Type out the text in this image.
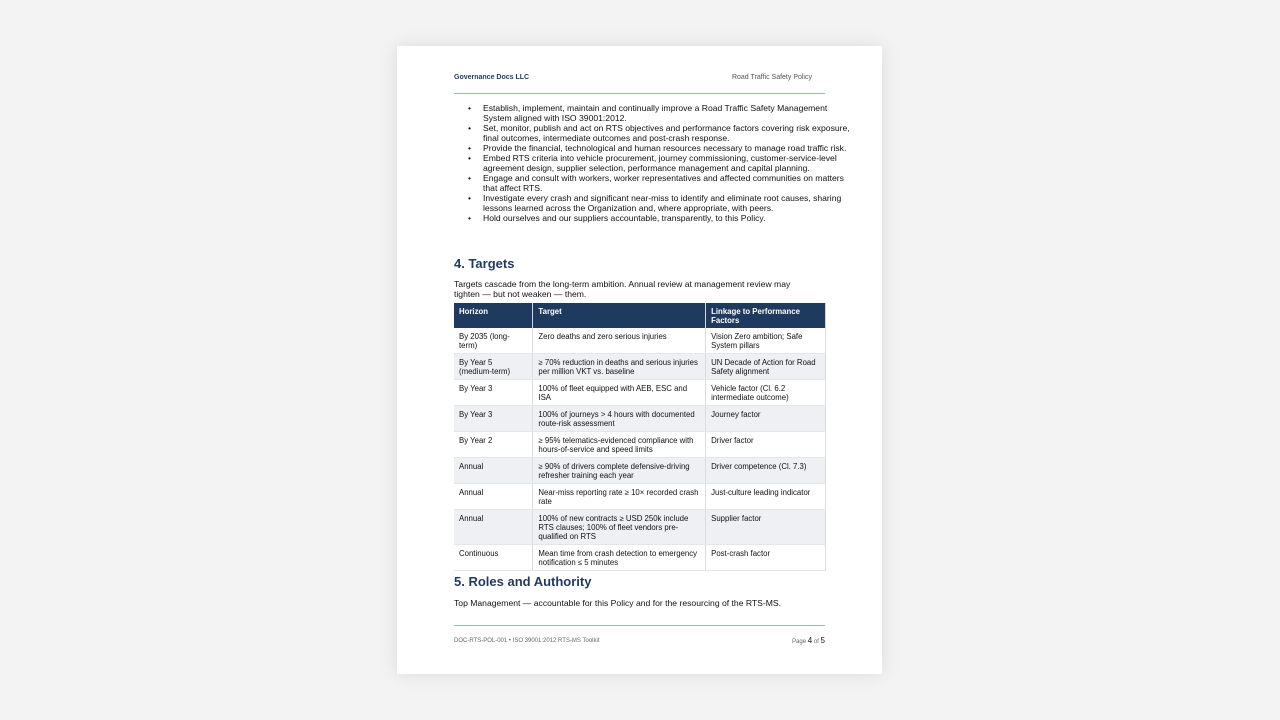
Governance Docs LLC	Road Traffic Safety Policy
• Establish, implement, maintain and continually improve a Road Traffic Safety Management System aligned with ISO 39001:2012.
• Set, monitor, publish and act on RTS objectives and performance factors covering risk exposure, final outcomes, intermediate outcomes and post-crash response.
• Provide the financial, technological and human resources necessary to manage road traffic risk.
• Embed RTS criteria into vehicle procurement, journey commissioning, customer-service-level agreement design, supplier selection, performance management and capital planning.
• Engage and consult with workers, worker representatives and affected communities on matters that affect RTS.
• Investigate every crash and significant near-miss to identify and eliminate root causes, sharing lessons learned across the Organization and, where appropriate, with peers.
• Hold ourselves and our suppliers accountable, transparently, to this Policy.
4. Targets

Targets cascade from the long-term ambition. Annual review at management review may tighten — but not weaken — them.

Horizon	Target	Linkage to Performance Factors
By 2035 (long-term)	Zero deaths and zero serious injuries	Vision Zero ambition; Safe System pillars
By Year 5 (medium-term)	≥ 70% reduction in deaths and serious injuries per million VKT vs. baseline	UN Decade of Action for Road Safety alignment
By Year 3	100% of fleet equipped with AEB, ESC and ISA	Vehicle factor (Cl. 6.2 intermediate outcome)
By Year 3	100% of journeys > 4 hours with documented route-risk assessment	Journey factor
By Year 2	≥ 95% telematics-evidenced compliance with hours-of-service and speed limits	Driver factor
Annual	≥ 90% of drivers complete defensive-driving refresher training each year	Driver competence (Cl. 7.3)
Annual	Near-miss reporting rate ≥ 10× recorded crash rate	Just-culture leading indicator
Annual	100% of new contracts ≥ USD 250k include RTS clauses; 100% of fleet vendors pre-qualified on RTS	Supplier factor
Continuous	Mean time from crash detection to emergency notification ≤ 5 minutes	Post-crash factor
5. Roles and Authority

Top Management — accountable for this Policy and for the resourcing of the RTS-MS.

DOC-RTS-POL-001 • ISO 39001:2012 RTS-MS Toolkit	Page 4 of 5
